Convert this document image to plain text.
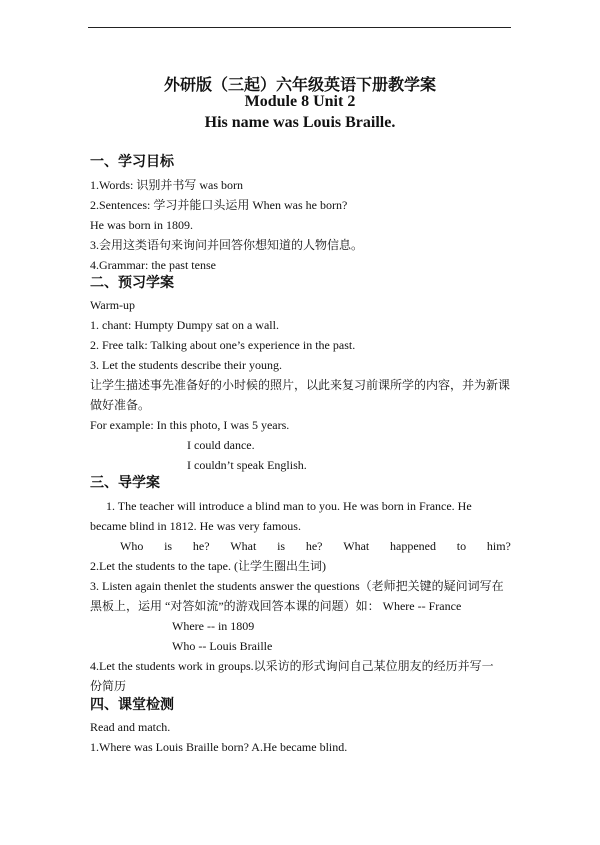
外研版（三起）六年级英语下册教学案
Module 8 Unit 2
His name was Louis Braille.
一、学习目标
1.Words: 识别并书写 was born
2.Sentences: 学习并能口头运用 When was he born?
He was born in 1809.
3.会用这类语句来询问并回答你想知道的人物信息。
4.Grammar: the past tense
二、预习学案
Warm-up
1. chant: Humpty Dumpy sat on a wall.
2. Free talk: Talking about one’s experience in the past.
3. Let the students describe their young.
让学生描述事先准备好的小时候的照片，以此来复习前课所学的内容，并为新课
做好准备。
For example: In this photo, I was 5 years.
I could dance.
I couldn’t speak English.
三、导学案
1. The teacher will introduce a blind man to you. He was born in France. He
became blind in 1812. He was very famous.
Who is he? What is he? What happened to him?
2.Let the students to the tape. (让学生圈出生词)
3. Listen again thenlet the students answer the questions（老师把关键的疑问词写在
黑板上，运用 “对答如流”的游戏回答本课的问题）如： Where -- France
Where -- in 1809
Who -- Louis Braille
4.Let the students work in groups.以采访的形式询问自己某位朋友的经历并写一
份简历
四、课堂检测
Read and match.
1.Where was Louis Braille born? A.He became blind.
